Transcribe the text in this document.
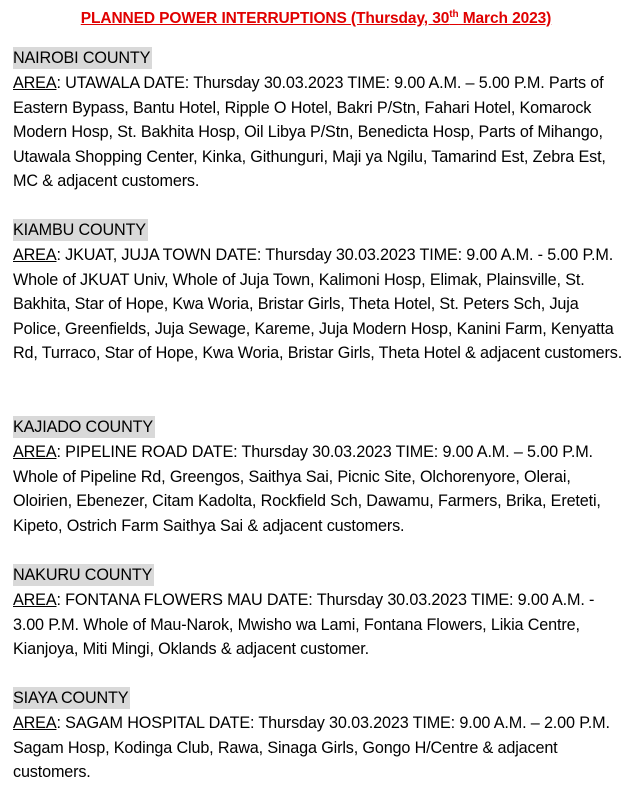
PLANNED POWER INTERRUPTIONS (Thursday, 30th March 2023)
NAIROBI COUNTY

AREA: UTAWALA DATE: Thursday 30.03.2023 TIME: 9.00 A.M. – 5.00 P.M. Parts of Eastern Bypass, Bantu Hotel, Ripple O Hotel, Bakri P/Stn, Fahari Hotel, Komarock Modern Hosp, St. Bakhita Hosp, Oil Libya P/Stn, Benedicta Hosp, Parts of Mihango, Utawala Shopping Center, Kinka, Githunguri, Maji ya Ngilu, Tamarind Est, Zebra Est, MC & adjacent customers.

KIAMBU COUNTY

AREA: JKUAT, JUJA TOWN DATE: Thursday 30.03.2023 TIME: 9.00 A.M. - 5.00 P.M. Whole of JKUAT Univ, Whole of Juja Town, Kalimoni Hosp, Elimak, Plainsville, St. Bakhita, Star of Hope, Kwa Woria, Bristar Girls, Theta Hotel, St. Peters Sch, Juja Police, Greenfields, Juja Sewage, Kareme, Juja Modern Hosp, Kanini Farm, Kenyatta Rd, Turraco, Star of Hope, Kwa Woria, Bristar Girls, Theta Hotel & adjacent customers.

KAJIADO COUNTY

AREA: PIPELINE ROAD DATE: Thursday 30.03.2023 TIME: 9.00 A.M. – 5.00 P.M. Whole of Pipeline Rd, Greengos, Saithya Sai, Picnic Site, Olchorenyore, Olerai, Oloirien, Ebenezer, Citam Kadolta, Rockfield Sch, Dawamu, Farmers, Brika, Ereteti, Kipeto, Ostrich Farm Saithya Sai & adjacent customers.

NAKURU COUNTY

AREA: FONTANA FLOWERS MAU DATE: Thursday 30.03.2023 TIME: 9.00 A.M. - 3.00 P.M. Whole of Mau-Narok, Mwisho wa Lami, Fontana Flowers, Likia Centre, Kianjoya, Miti Mingi, Oklands & adjacent customer.

SIAYA COUNTY

AREA: SAGAM HOSPITAL DATE: Thursday 30.03.2023 TIME: 9.00 A.M. – 2.00 P.M. Sagam Hosp, Kodinga Club, Rawa, Sinaga Girls, Gongo H/Centre & adjacent customers.
